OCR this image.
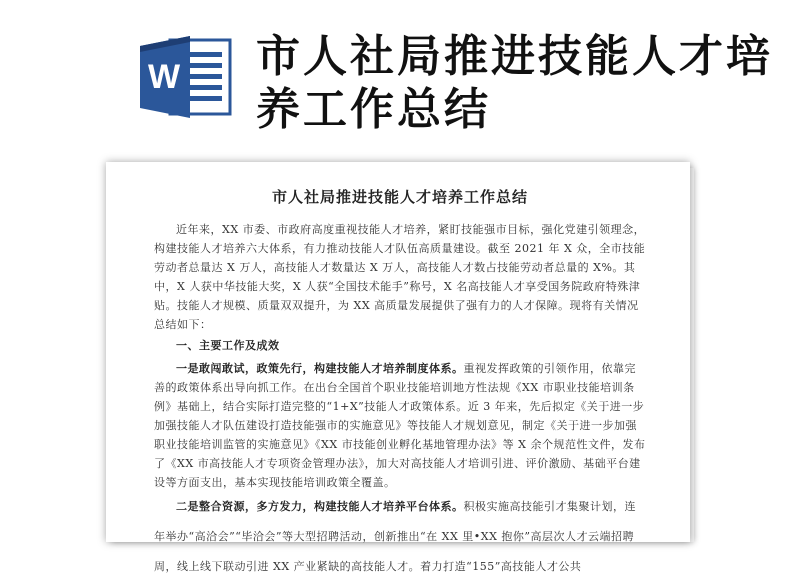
W 市人社局推进技能人才培养工作总结
市人社局推进技能人才培养工作总结

近年来，XX 市委、市政府高度重视技能人才培养，紧盯技能强市目标，强化党建引领理念，构建技能人才培养六大体系，有力推动技能人才队伍高质量建设。截至 2021 年 X 众，全市技能劳动者总量达 X 万人，高技能人才数量达 X 万人，高技能人才数占技能劳动者总量的 X%。其中，X 人获中华技能大奖，X 人获“全国技术能手”称号，X 名高技能人才享受国务院政府特殊津贴。技能人才规模、质量双双提升，为 XX 高质量发展提供了强有力的人才保障。现将有关情况总结如下：

一、主要工作及成效

一是敢闯敢试，政策先行，构建技能人才培养制度体系。重视发挥政策的引领作用，依靠完善的政策体系出导向抓工作。在出台全国首个职业技能培训地方性法规《XX 市职业技能培训条例》基础上，结合实际打造完整的“1+X”技能人才政策体系。近 3 年来，先后拟定《关于进一步加强技能人才队伍建设打造技能强市的实施意见》等技能人才规划意见，制定《关于进一步加强职业技能培训监管的实施意见》《XX 市技能创业孵化基地管理办法》等 X 余个规范性文件，发布了《XX 市高技能人才专项资金管理办法》，加大对高技能人才培训引进、评价激励、基础平台建设等方面支出，基本实现技能培训政策全覆盖。

二是整合资源，多方发力，构建技能人才培养平台体系。积极实施高技能引才集聚计划，连年举办“高洽会”“毕洽会”等大型招聘活动，创新推出“在 XX 里•XX 抱你”高层次人才云端招聘周，线上线下联动引进 XX 产业紧缺的高技能人才。着力打造“155”高技能人才公共
